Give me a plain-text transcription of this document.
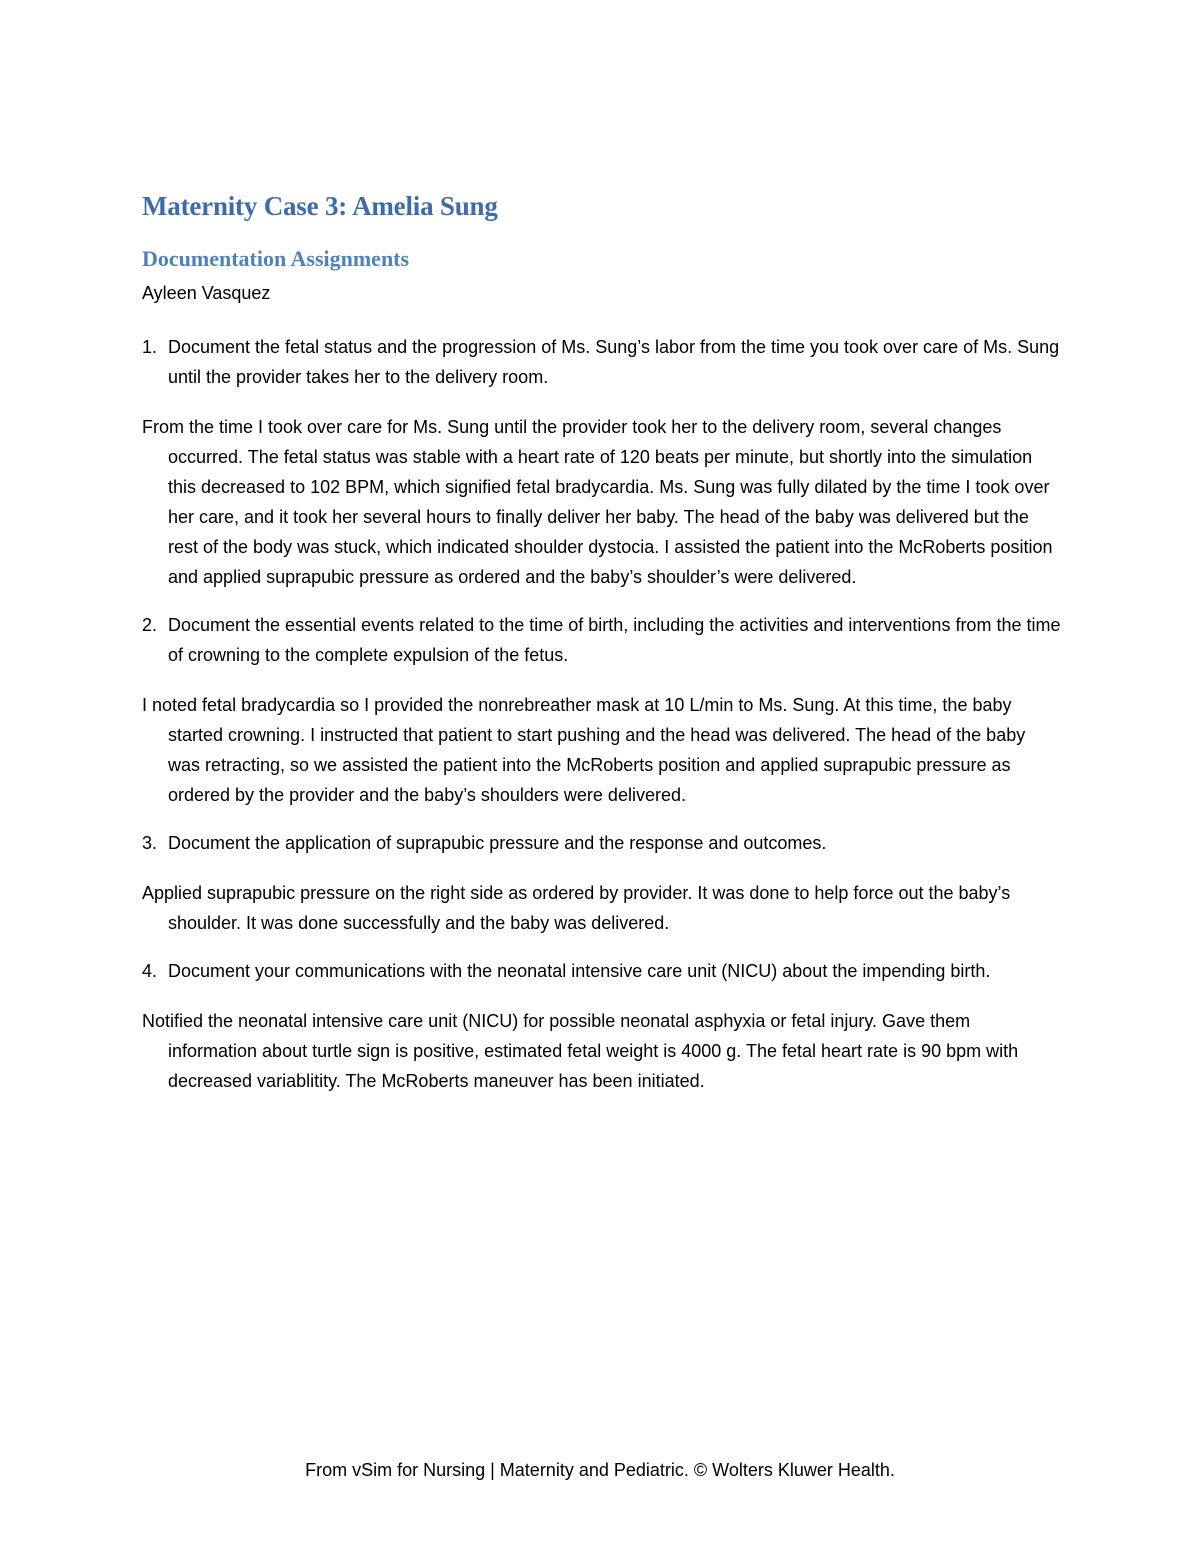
Maternity Case 3: Amelia Sung
Documentation Assignments

Ayleen Vasquez

1. Document the fetal status and the progression of Ms. Sung’s labor from the time you took over care of Ms. Sung until the provider takes her to the delivery room.

From the time I took over care for Ms. Sung until the provider took her to the delivery room, several changes occurred. The fetal status was stable with a heart rate of 120 beats per minute, but shortly into the simulation this decreased to 102 BPM, which signified fetal bradycardia. Ms. Sung was fully dilated by the time I took over her care, and it took her several hours to finally deliver her baby. The head of the baby was delivered but the rest of the body was stuck, which indicated shoulder dystocia. I assisted the patient into the McRoberts position and applied suprapubic pressure as ordered and the baby’s shoulder’s were delivered.

2. Document the essential events related to the time of birth, including the activities and interventions from the time of crowning to the complete expulsion of the fetus.

I noted fetal bradycardia so I provided the nonrebreather mask at 10 L/min to Ms. Sung. At this time, the baby started crowning. I instructed that patient to start pushing and the head was delivered. The head of the baby was retracting, so we assisted the patient into the McRoberts position and applied suprapubic pressure as ordered by the provider and the baby’s shoulders were delivered.

3. Document the application of suprapubic pressure and the response and outcomes.

Applied suprapubic pressure on the right side as ordered by provider. It was done to help force out the baby’s shoulder. It was done successfully and the baby was delivered.

4. Document your communications with the neonatal intensive care unit (NICU) about the impending birth.

Notified the neonatal intensive care unit (NICU) for possible neonatal asphyxia or fetal injury. Gave them information about turtle sign is positive, estimated fetal weight is 4000 g. The fetal heart rate is 90 bpm with decreased variablitity. The McRoberts maneuver has been initiated.

From vSim for Nursing | Maternity and Pediatric. © Wolters Kluwer Health.
